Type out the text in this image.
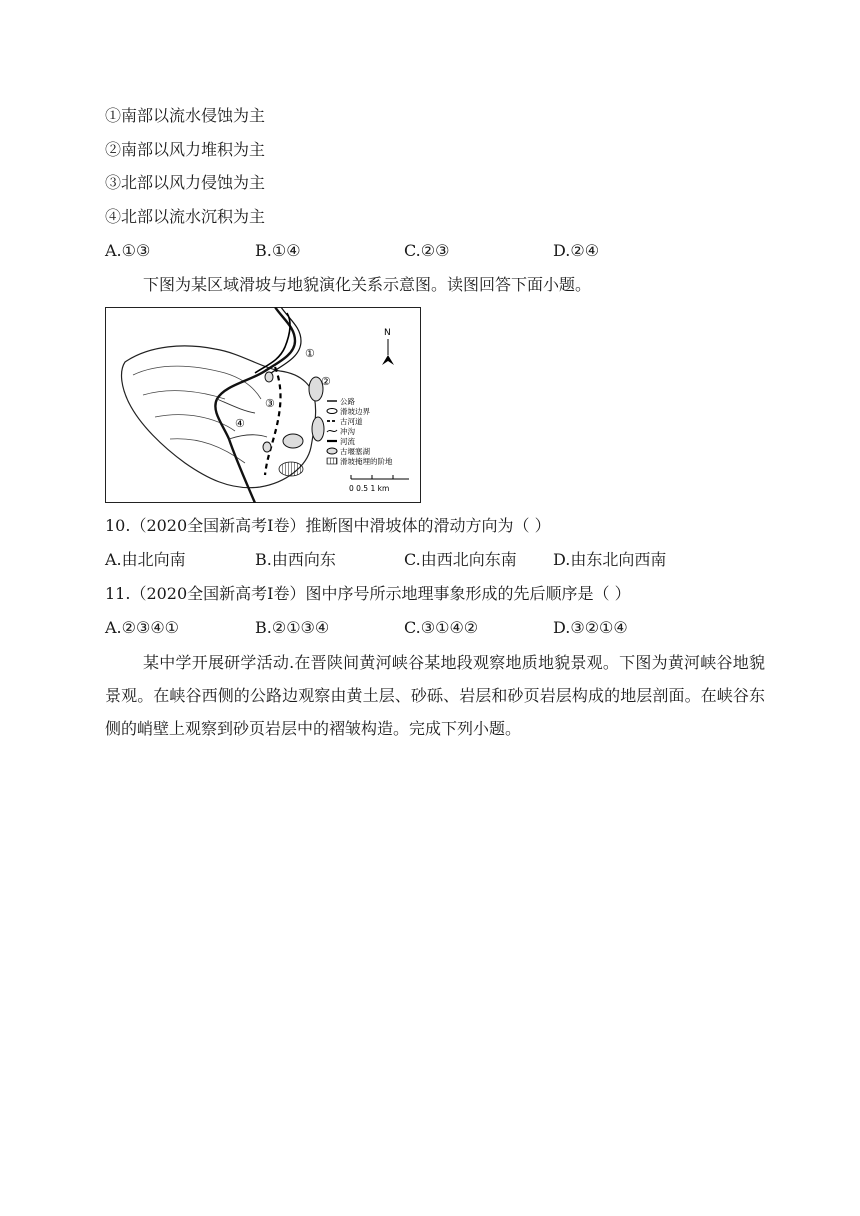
①南部以流水侵蚀为主
②南部以风力堆积为主
③北部以风力侵蚀为主
④北部以流水沉积为主
A.①③	B.①④	C.②③	D.②④
下图为某区域滑坡与地貌演化关系示意图。读图回答下面小题。
N
①
②
③
④
公路
滑坡边界
古河道
冲沟
河流
古堰塞湖
滑坡掩埋的阶地
0 0.5 1 km
10.（2020全国新高考I卷）推断图中滑坡体的滑动方向为（ ）
A.由北向南	B.由西向东	C.由西北向东南 D.由东北向西南
11.（2020全国新高考I卷）图中序号所示地理事象形成的先后顺序是（ ）
A.②③④①	B.②①③④	C.③①④②	D.③②①④
某中学开展研学活动.在晋陕间黄河峡谷某地段观察地质地貌景观。下图为黄河峡谷地貌景观。在峡谷西侧的公路边观察由黄土层、砂砾、岩层和砂页岩层构成的地层剖面。在峡谷东侧的峭壁上观察到砂页岩层中的褶皱构造。完成下列小题。
